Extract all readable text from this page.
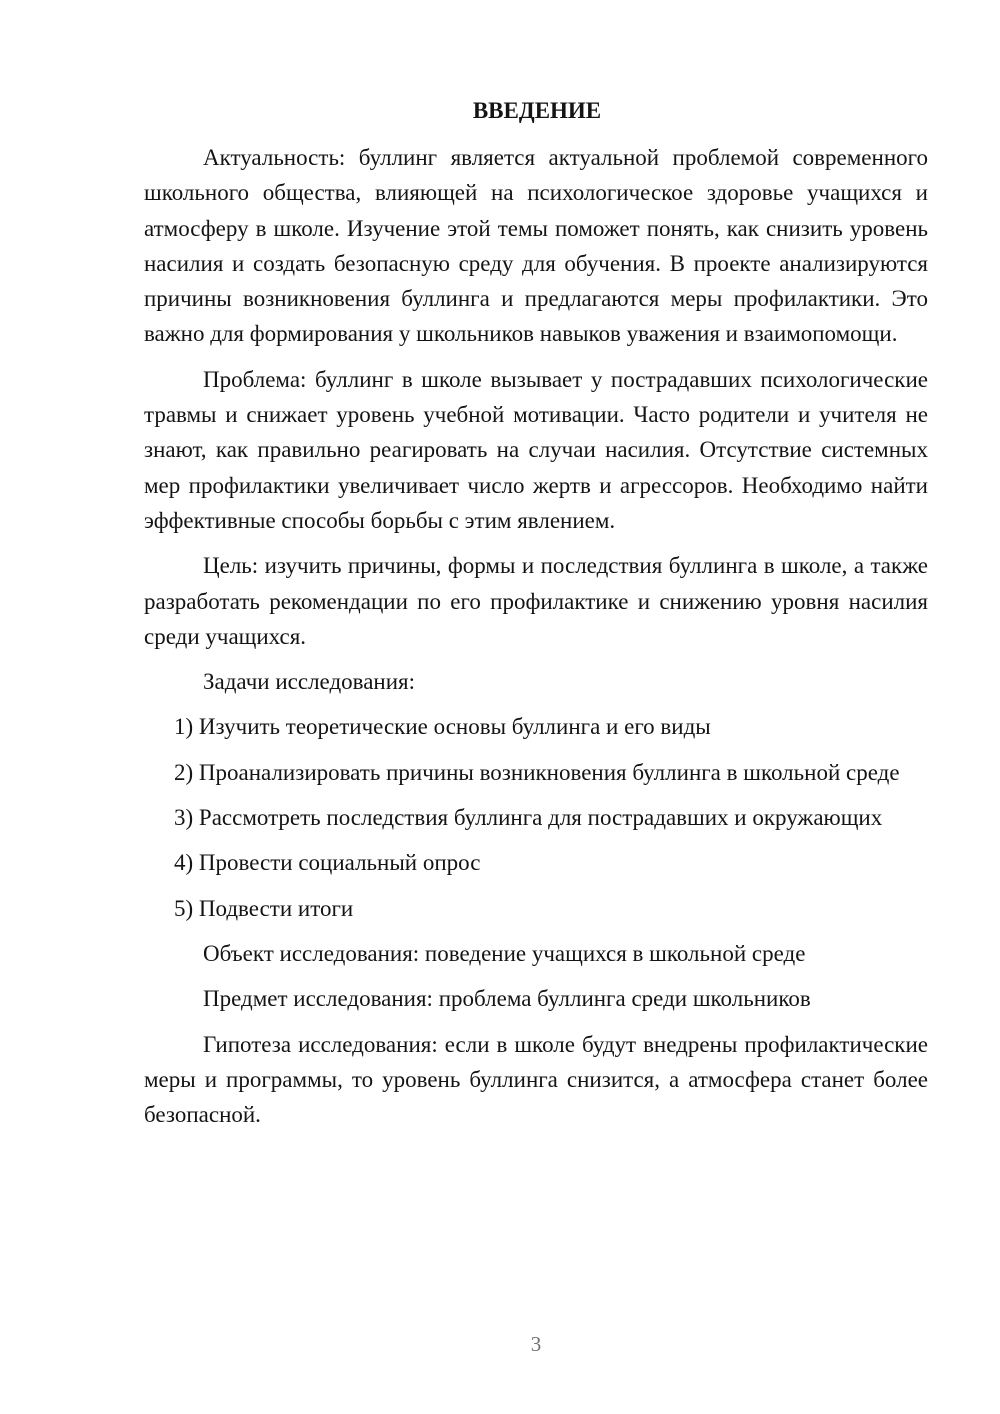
ВВЕДЕНИЕ

Актуальность: буллинг является актуальной проблемой современного школьного общества, влияющей на психологическое здоровье учащихся и атмосферу в школе. Изучение этой темы поможет понять, как снизить уровень насилия и создать безопасную среду для обучения. В проекте анализируются причины возникновения буллинга и предлагаются меры профилактики. Это важно для формирования у школьников навыков уважения и взаимопомощи.

Проблема: буллинг в школе вызывает у пострадавших психологические травмы и снижает уровень учебной мотивации. Часто родители и учителя не знают, как правильно реагировать на случаи насилия. Отсутствие системных мер профилактики увеличивает число жертв и агрессоров. Необходимо найти эффективные способы борьбы с этим явлением.

Цель: изучить причины, формы и последствия буллинга в школе, а также разработать рекомендации по его профилактике и снижению уровня насилия среди учащихся.

Задачи исследования:

1) Изучить теоретические основы буллинга и его виды

2) Проанализировать причины возникновения буллинга в школьной среде

3) Рассмотреть последствия буллинга для пострадавших и окружающих

4) Провести социальный опрос

5) Подвести итоги

Объект исследования: поведение учащихся в школьной среде

Предмет исследования: проблема буллинга среди школьников

Гипотеза исследования: если в школе будут внедрены профилактические меры и программы, то уровень буллинга снизится, а атмосфера станет более безопасной.

3
